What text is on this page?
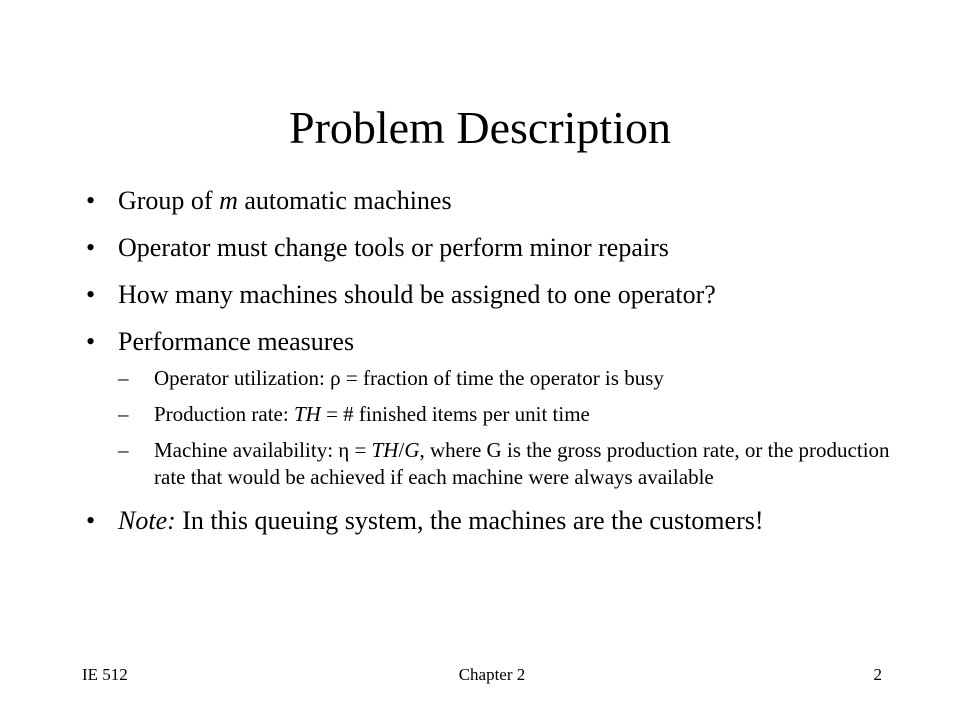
Problem Description
• Group of m automatic machines
• Operator must change tools or perform minor repairs
• How many machines should be assigned to one operator?
• Performance measures
– Operator utilization: ρ = fraction of time the operator is busy
– Production rate: TH = # finished items per unit time
– Machine availability: η = TH/G, where G is the gross production rate, or the production rate that would be achieved if each machine were always available
• Note: In this queuing system, the machines are the customers!
IE 512	Chapter 2	2
